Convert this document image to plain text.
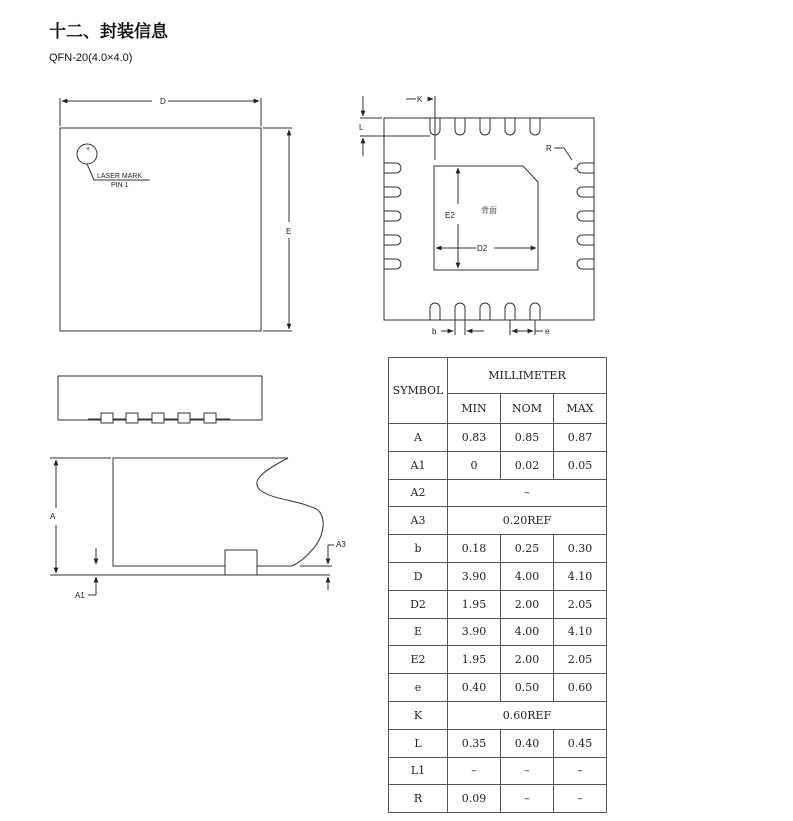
十二、封装信息
QFN-20(4.0×4.0)
+
D
E
LASER MARK
PIN 1
+
K
L
R
E2
D2
背面
b	e
A
A1
A3
SYMBOL	MILLIMETER		
	MIN	NOM	MAX
A	0.83	0.85	0.87
A1	0	0.02	0.05
A2	–		
A3	0.20REF		
b	0.18	0.25	0.30
D	3.90	4.00	4.10
D2	1.95	2.00	2.05
E	3.90	4.00	4.10
E2	1.95	2.00	2.05
e	0.40	0.50	0.60
K	0.60REF		
L	0.35	0.40	0.45
L1	–	–	–
R	0.09	–	–
